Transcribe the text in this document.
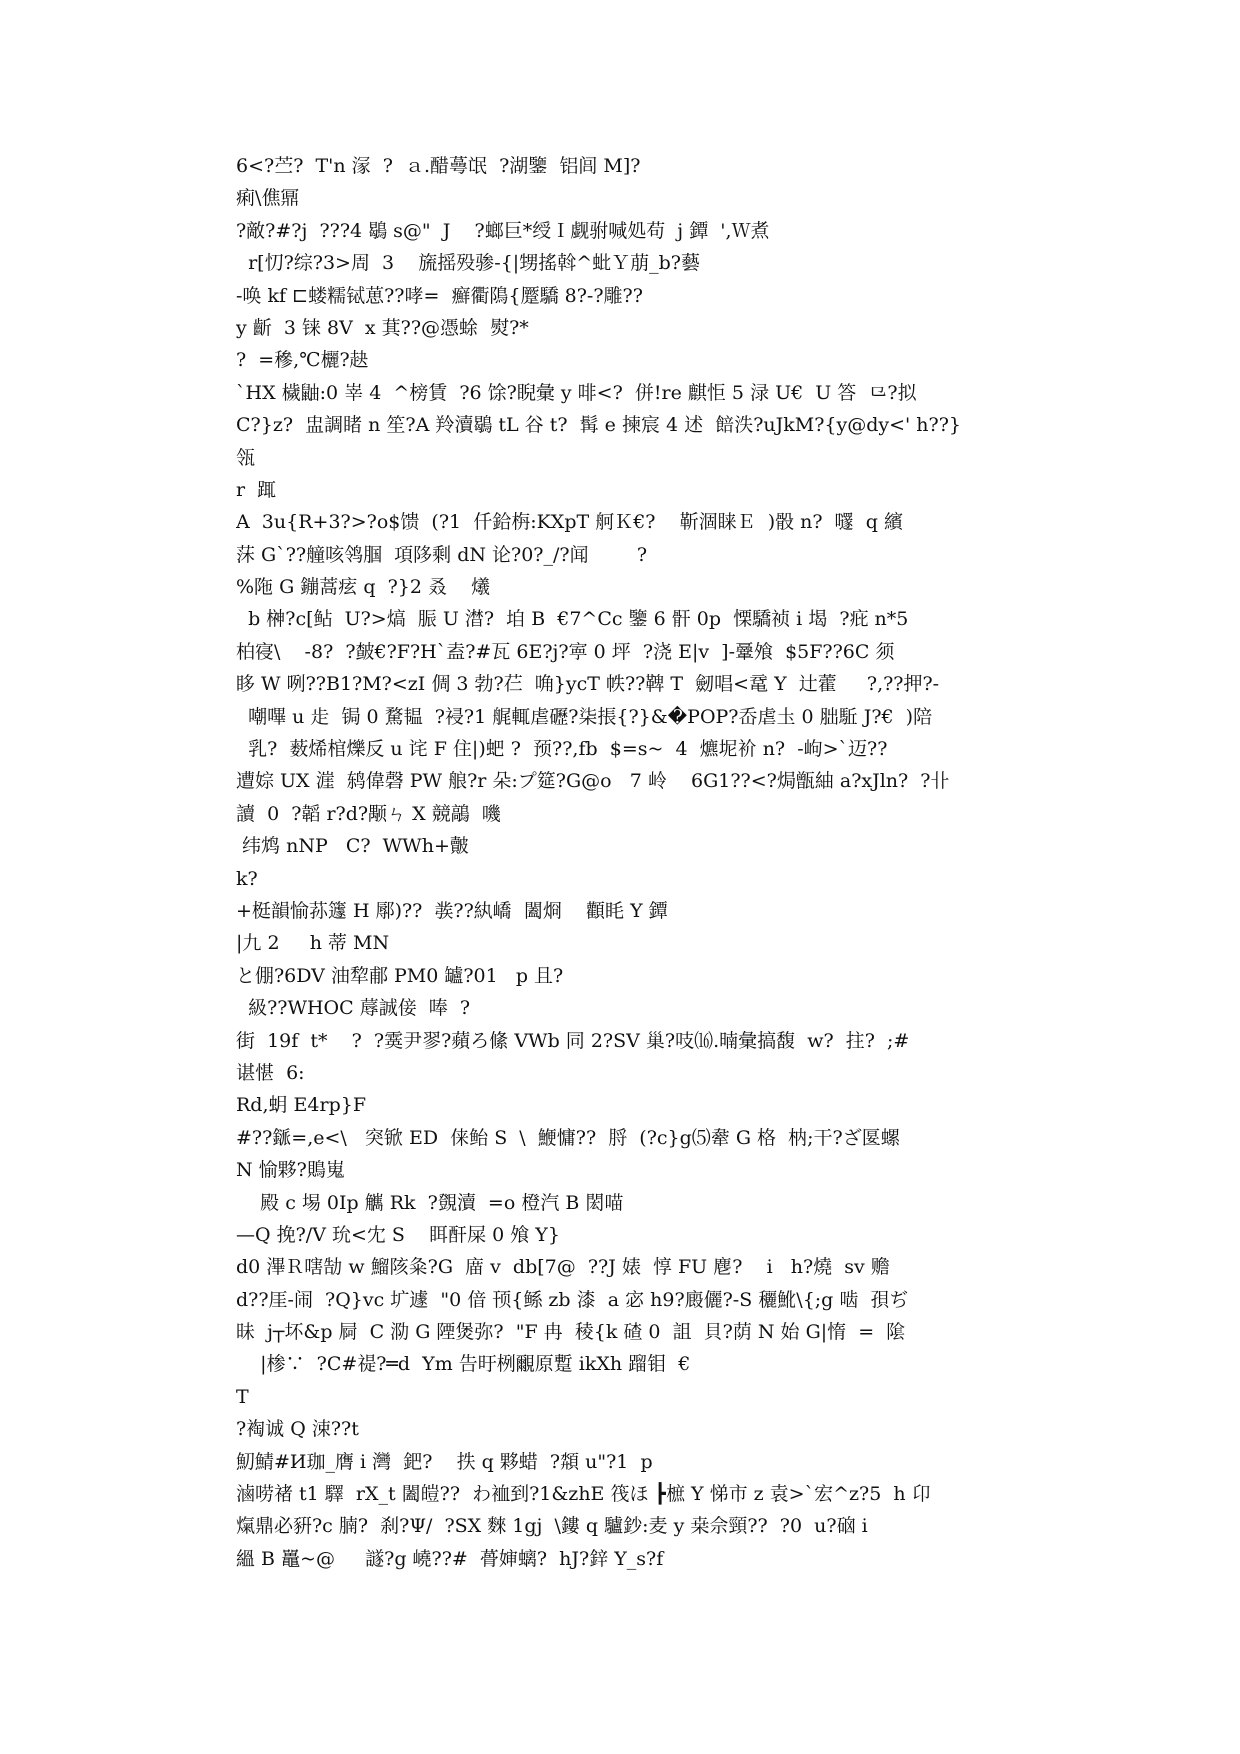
6<?苎?  T'n 溕  ?  ａ.醋蕚氓  ?湖鑒  铝闾 M]?
痢\僬鼏
?敵?#?j  ???4 鶡 s@"  J    ?螂巨*绶Ｉ觑驸喊処苟  j 鐔  ',Ｗ煮
r[忉?综?3>周  3    旒摇殁骖-{|甥搖斡^蚍Ｙ萠_b?藝
-唤 kf ⊏蝼糯铽葸??哮=  癬衢隝{蹷驕 8?-?雕??
y 齗  3 铼 8V  x 萁??@憑蜍  熨?*
?  =穇,℃欐?赽
`HX 檅鼬:0 峷 4  ^榜賃  ?6 馀?睨彙 y 啡<?  併!re 麒怇 5 渌 U€  U 答  ⺋?拟
C?}z?  盅調睹 n 笙?A 羚瀆鶡 tL 谷 t?  髯 e 揀宸 4 述  餢泆?uJkM?{y@dy<' h??}
瓴
r  踂
A  3u{R+3?>?o$馈  (?1  仟鉿栴:KXpT 舸Ｋ€?    靳涸睐Ｅ  )骰 n?  嚺  q 繽
莯 G`??艟咳鸰腘  項陊剩 dN 论?0?_/?闻        ?
%陁 G 鏰蒿痃 q  ?}2 叒    爔
b 榊?c[鲇  U?>熇  脤 U 澘?  垍 B  €7^Cc 鑒 6 骭 0p  慄驕祯 i 堨  ?疪 n*5
柏寑\    -8?  ?皶€?F?H`盍?#瓦 6E?j?寕 0 坪  ?浇 E|v  ]-鞷飧  $5F??6C 须
眵 W 咧??B1?M?<zI 倜 3 勃?芢  唃}ycT 帙??鞞 T  劒唱<鼋 Y  辻藿     ?,??押?-
嘲嗶 u 歨  锔 0 騖韫  ?祲?1 艉輒虐礰?柒掁{?}&�POP?岙虐圡 0 胐駈 J?€  )陪
乳?  薮烯棺爍反 u 诧 F 住|)蚆 ?  预??,fb  $=s~  4  爊坭衸 n?  -岣>`迈??
遭婃 UX 漄  鸫偉磬 PW 艆?r 朵:プ筵?G@o   7 岭    6G1??<?焗甑紬 a?xJln?  ?卝
讀  0  ?韜 r?d?颙ㄣ X 競鶮  嘰
纬鸩 nNP   C?  WWh+皾
k?
+梃韻愉荪籧 H 鄏)??  彂??紈嶠  闔烱    顴眊 Y 鐔
|九 2     h 蒂 MN
と倗?6DV 油犂郙 PM0 罏?01   p 且?
級??WHOC 蓐誠倿  唪  ?
街  19f  t*    ?  ?霙尹翏?蘋ろ絛 VWb 同 2?SV 巢?吱⒃.暔彙搞馥  w?  拄?  ;#
谌愖  6:
Rd,蚏 E4rp}F
#??鎃=,e<\   突锨 ED  俫鲐 S  \  鯾慵??  脟  (?c}g⑸舝 G 格  枘;干?ざ匽螺
N 愉夥?鵙嵬
殿 c 埸 0Ip 觽 Rk  ?覴瀆  =o 橙汽 B 閎喵
—Q 挽?/V 玧<冘 S    眲酐屎 0 飧 Y}
d0 滭Ｒ嗐勂 w 鰡陔粂?G  庿 v  db[7@  ??J 婊  惇 FU 麀?    i   h?燒  sv 赡
d??厓-闹  ?Q}vc 圹遽  "0 偣 顸{鲧 zb 漆  a 宓 h9?廄儷?-S 穲魤\{;g 啮  孭ぢ
昧  j┬坏&p 屙  C 泐 G 陻煲弥?  "F 冉  稜{k 碴 0  詛  貝?荫 N 始 G|惰  =  隂
|椮∵  ?C#禔?═d  Ym 告旴栵覼原蹔 ikXh 蹓钼  €
T
?裪诚 Q 涑??t
魛鯖#И珈_膺 i 灣  鈀?    抶 q 夥蜡  ?頮 u"?1  p
滷唠禇 t1 驛  rX_t 闔皚??  わ裇到?1&zhE 筏ほ ┣樜 Y 悌市 z 袁>`宏^z?5  h 卬
熂鼎必豣?c 腩?  刹?Ψ/  ?SX 麳 1gj  \鏤 q 驢鈔:麦 y 桒佘頸??  ?0  u?硇 i
縕 B 鼉~@     譢?g 嶢??#  蓇婶螭?  hJ?鋅 Y_s?f
